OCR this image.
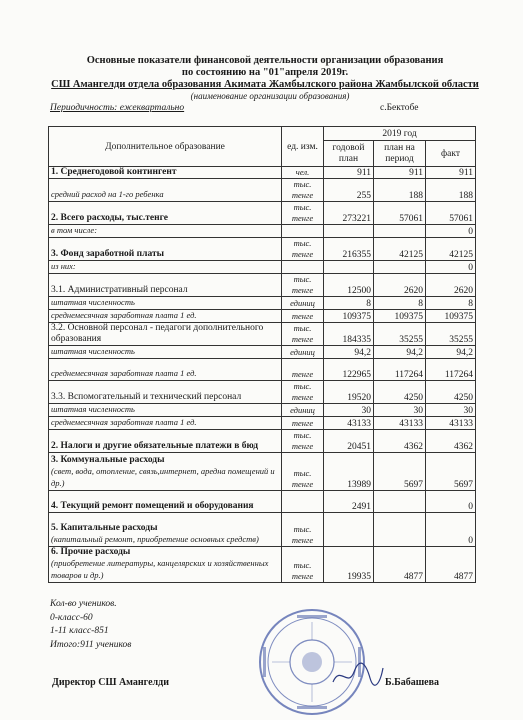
Основные показатели финансовой деятельности организации образования
по состоянию на "01"апреля 2019г.
СШ Амангелди отдела образования Акимата Жамбылского района Жамбылской области
(наименование организации образования)
Периодичность: ежеквартально	с.Бектобе
Дополнительное образование	ед. изм.	2019 год		
		годовой план	план на период	факт
1. Среднегодовой контингент	чел.	911	911	911
средний расход на 1-го ребенка	тыс. тенге	255	188	188
2. Всего расходы, тыс.тенге	тыс. тенге	273221	57061	57061
в том числе:				0
3. Фонд заработной платы	тыс. тенге	216355	42125	42125
из них:				0
3.1. Административный персонал	тыс. тенге	12500	2620	2620
штатная численность	единиц	8	8	8
среднемесячная заработная плата 1 ед.	тенге	109375	109375	109375
3.2. Основной персонал - педагоги дополнительного образования	тыс. тенге	184335	35255	35255
штатная численность	единиц	94,2	94,2	94,2
среднемесячная заработная плата 1 ед.	тенге	122965	117264	117264
3.3. Вспомогательный и технический персонал	тыс. тенге	19520	4250	4250
штатная численность	единиц	30	30	30
среднемесячная заработная плата 1 ед.	тенге	43133	43133	43133
2. Налоги и другие обязательные платежи в бюд	тыс. тенге	20451	4362	4362
3. Коммунальные расходы
(свет, вода, отопление, связь,интернет, аредна помещений и др.)	тыс. тенге	13989	5697	5697
4. Текущий ремонт помещений и оборудования		2491		0
5. Капитальные расходы
(капитальный ремонт, приобретение основных средств)	тыс. тенге			0
6. Прочие расходы
(приобретение литературы, канцелярских и хозяйственных товаров и др.)	тыс. тенге	19935	4877	4877
Кол-во учеников.
0-класс-60
1-11 класс-851
Итого:911 учеников
Директор СШ Амангелди	Б.Бабашева
